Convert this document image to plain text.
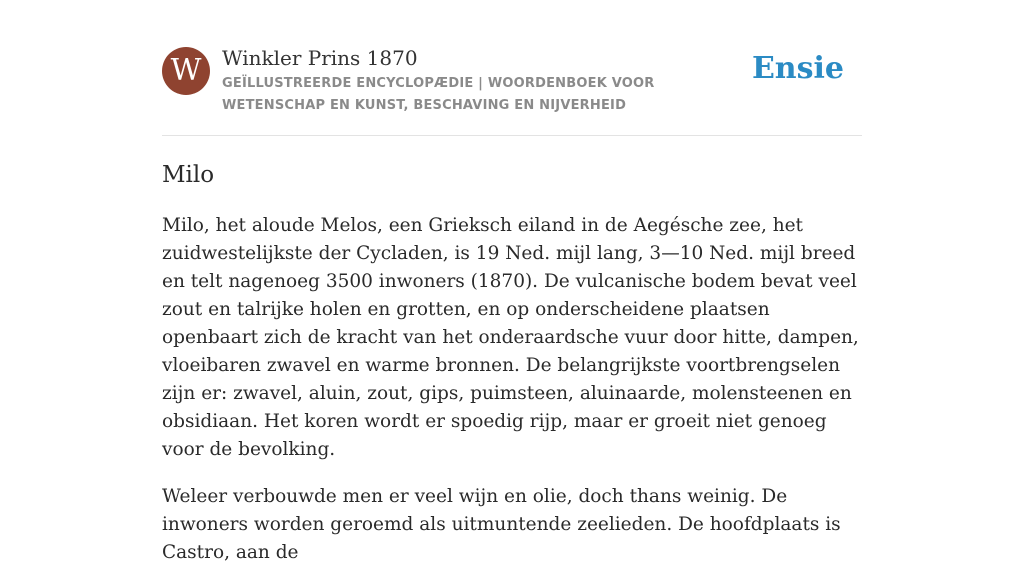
W	Winkler Prins 1870
GEÏLLUSTREERDE ENCYCLOPÆDIE | WOORDENBOEK VOOR WETENSCHAP EN KUNST, BESCHAVING EN NIJVERHEID
Ensie
Milo

Milo, het aloude Melos, een Grieksch eiland in de Aegésche zee, het zuidwestelijkste der Cycladen, is 19 Ned. mijl lang, 3—10 Ned. mijl breed en telt nagenoeg 3500 inwoners (1870). De vulcanische bodem bevat veel zout en talrijke holen en grotten, en op onderscheidene plaatsen openbaart zich de kracht van het onderaardsche vuur door hitte, dampen, vloeibaren zwavel en warme bronnen. De belangrijkste voortbrengselen zijn er: zwavel, aluin, zout, gips, puimsteen, aluinaarde, molensteenen en obsidiaan. Het koren wordt er spoedig rijp, maar er groeit niet genoeg voor de bevolking.

Weleer verbouwde men er veel wijn en olie, doch thans weinig. De inwoners worden geroemd als uitmuntende zeelieden. De hoofdplaats is Castro, aan de
